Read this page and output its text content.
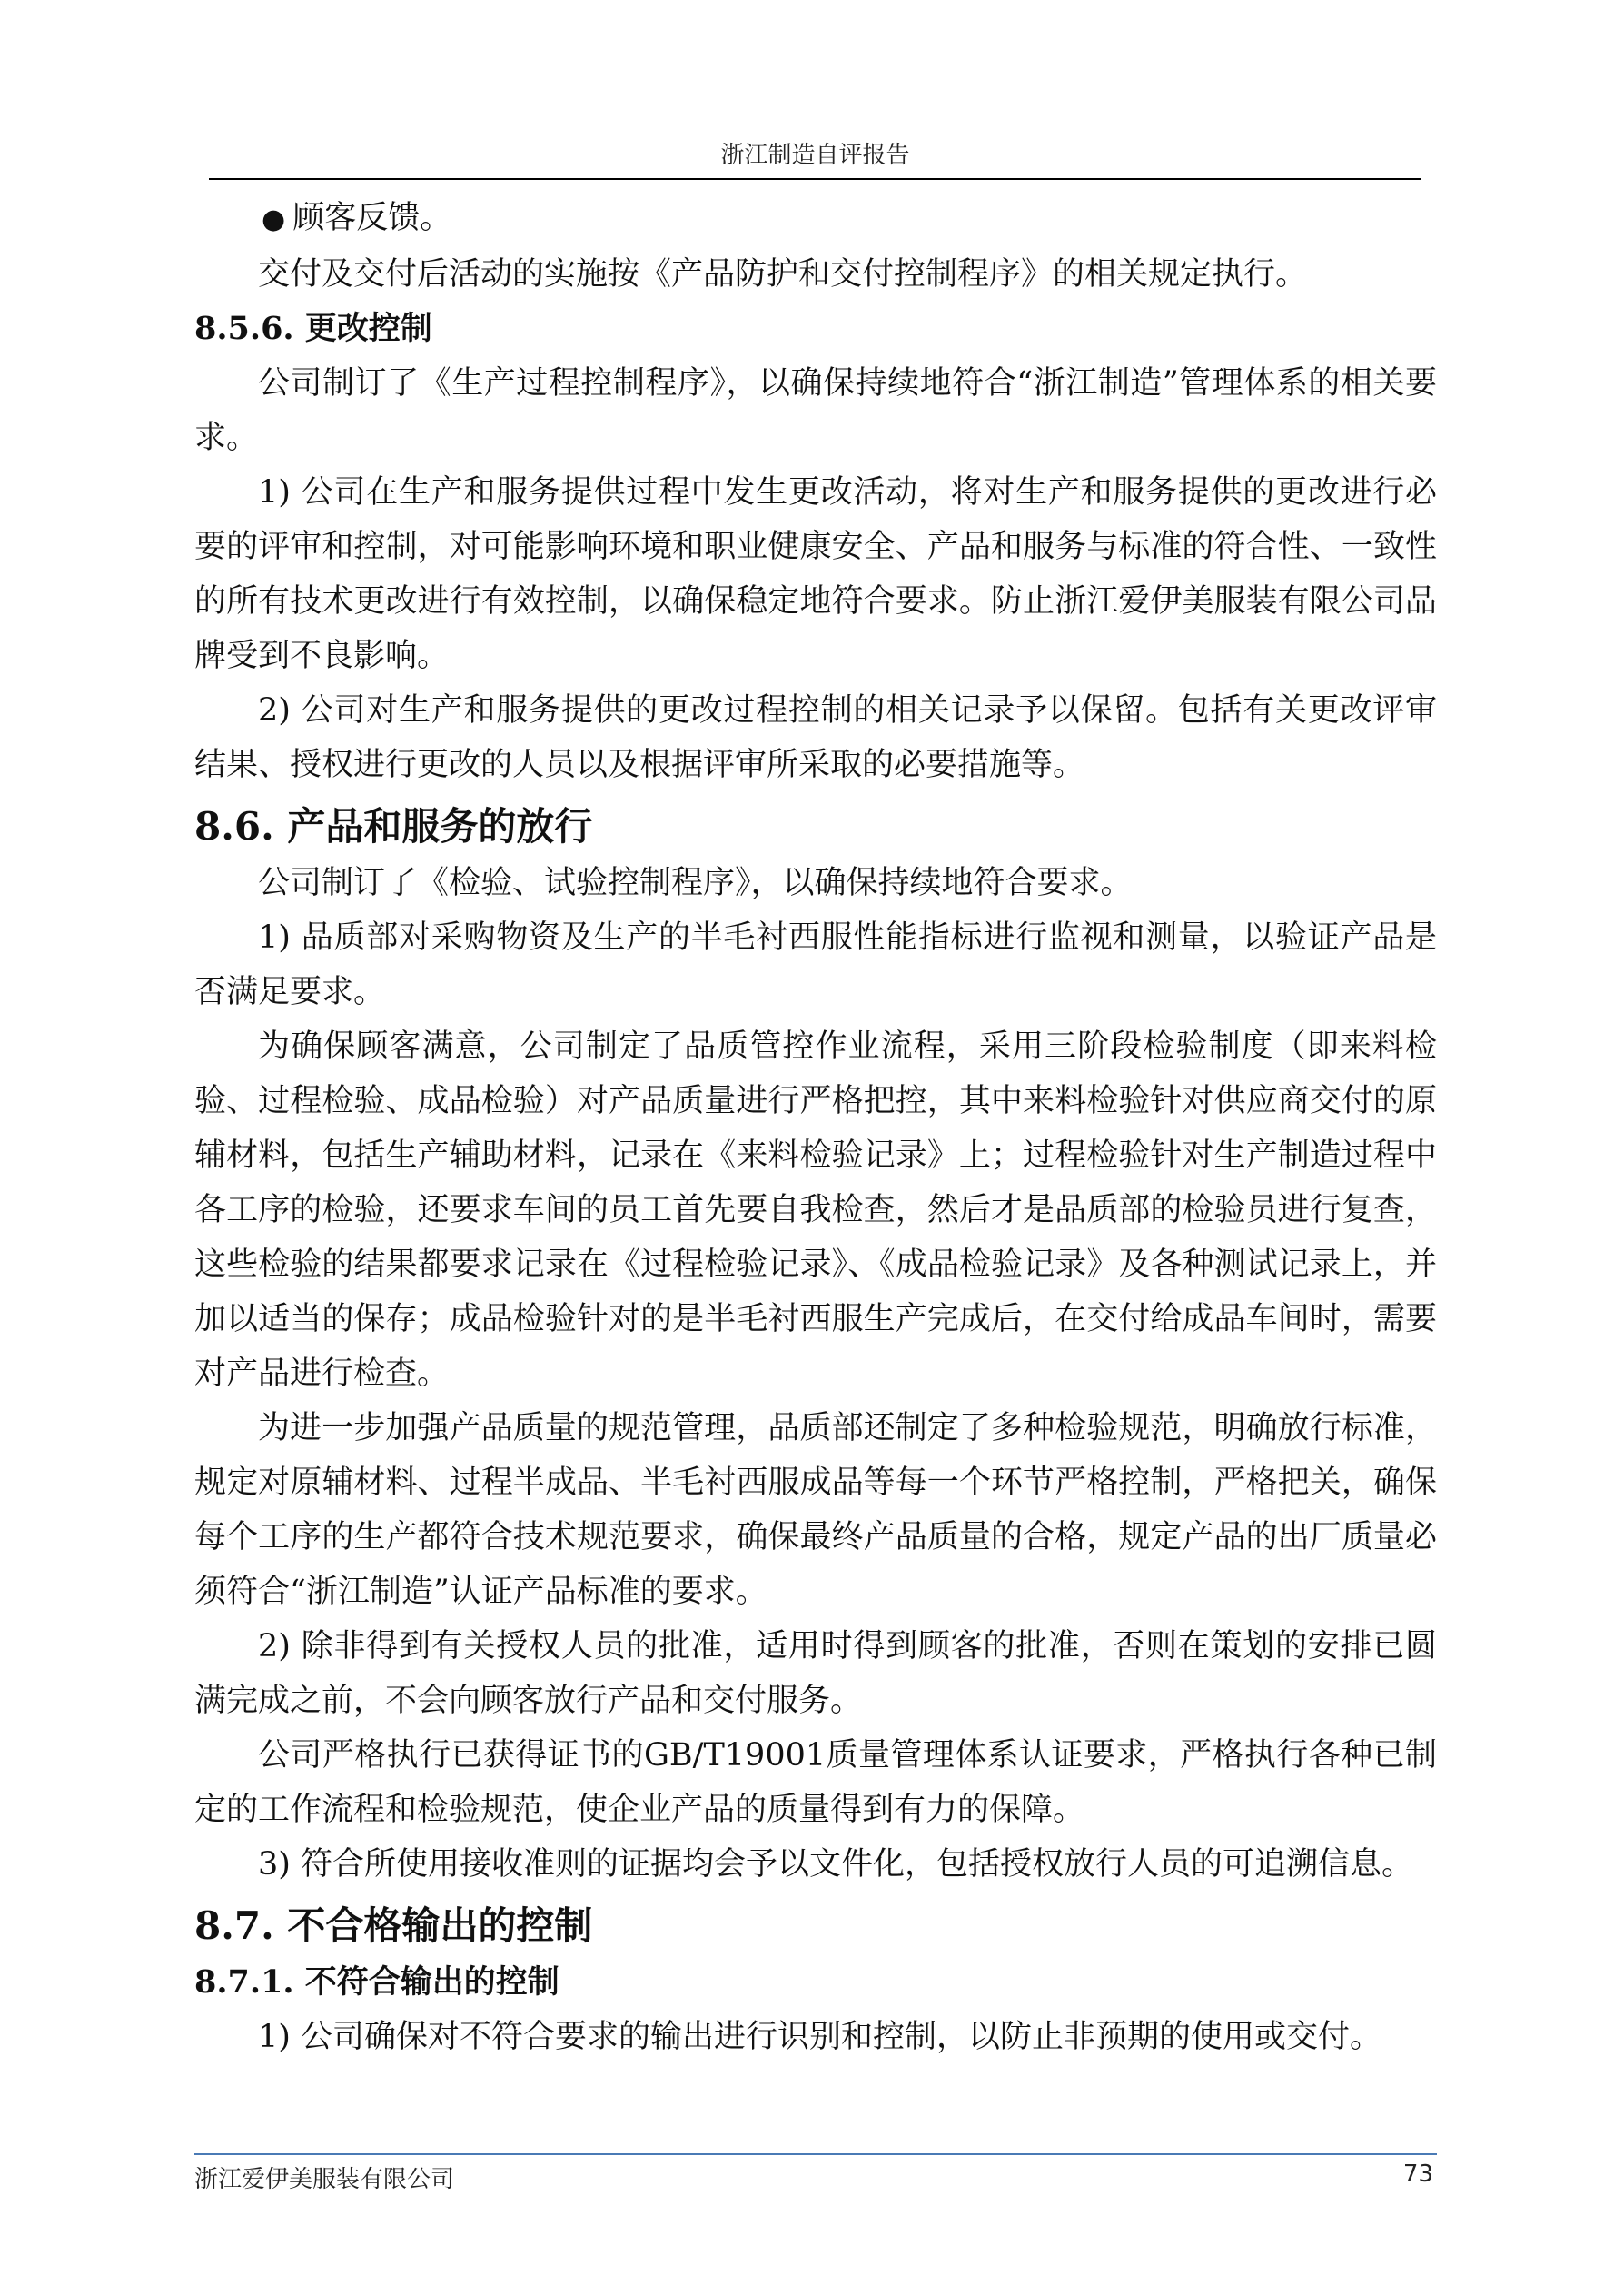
浙江制造自评报告

● 顾客反馈。

交付及交付后活动的实施按《产品防护和交付控制程序》的相关规定执行。

8.5.6. 更改控制

公司制订了《生产过程控制程序》，以确保持续地符合“浙江制造”管理体系的相关要求。

1) 公司在生产和服务提供过程中发生更改活动，将对生产和服务提供的更改进行必要的评审和控制，对可能影响环境和职业健康安全、产品和服务与标准的符合性、一致性的所有技术更改进行有效控制，以确保稳定地符合要求。防止浙江爱伊美服装有限公司品牌受到不良影响。

2) 公司对生产和服务提供的更改过程控制的相关记录予以保留。包括有关更改评审结果、授权进行更改的人员以及根据评审所采取的必要措施等。

8.6. 产品和服务的放行

公司制订了《检验、试验控制程序》，以确保持续地符合要求。

1) 品质部对采购物资及生产的半毛衬西服性能指标进行监视和测量，以验证产品是否满足要求。

为确保顾客满意，公司制定了品质管控作业流程，采用三阶段检验制度（即来料检验、过程检验、成品检验）对产品质量进行严格把控，其中来料检验针对供应商交付的原辅材料，包括生产辅助材料，记录在《来料检验记录》上；过程检验针对生产制造过程中各工序的检验，还要求车间的员工首先要自我检查，然后才是品质部的检验员进行复查，这些检验的结果都要求记录在《过程检验记录》、《成品检验记录》及各种测试记录上，并加以适当的保存；成品检验针对的是半毛衬西服生产完成后，在交付给成品车间时，需要对产品进行检查。

为进一步加强产品质量的规范管理，品质部还制定了多种检验规范，明确放行标准，规定对原辅材料、过程半成品、半毛衬西服成品等每一个环节严格控制，严格把关，确保每个工序的生产都符合技术规范要求，确保最终产品质量的合格，规定产品的出厂质量必须符合“浙江制造”认证产品标准的要求。

2) 除非得到有关授权人员的批准，适用时得到顾客的批准，否则在策划的安排已圆满完成之前，不会向顾客放行产品和交付服务。

公司严格执行已获得证书的GB/T19001质量管理体系认证要求，严格执行各种已制定的工作流程和检验规范，使企业产品的质量得到有力的保障。

3) 符合所使用接收准则的证据均会予以文件化，包括授权放行人员的可追溯信息。

8.7. 不合格输出的控制

8.7.1. 不符合输出的控制

1) 公司确保对不符合要求的输出进行识别和控制，以防止非预期的使用或交付。

浙江爱伊美服装有限公司	73
